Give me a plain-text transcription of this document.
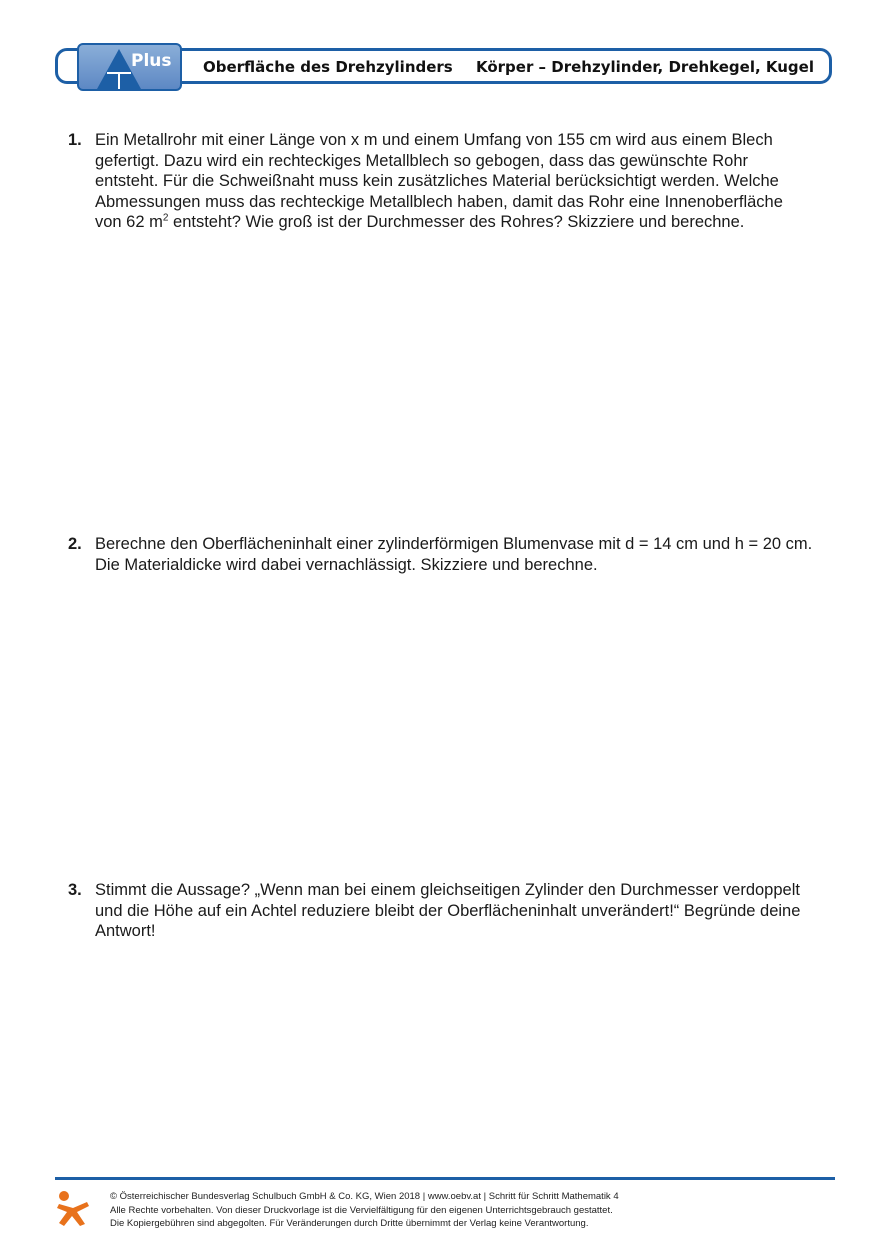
Plus Oberfläche des Drehzylinders Körper – Drehzylinder, Drehkegel, Kugel
1. Ein Metallrohr mit einer Länge von x m und einem Umfang von 155 cm wird aus einem Blech gefertigt. Dazu wird ein rechteckiges Metallblech so gebogen, dass das gewünschte Rohr entsteht. Für die Schweißnaht muss kein zusätzliches Material berücksichtigt werden. Welche Abmessungen muss das rechteckige Metallblech haben, damit das Rohr eine Innenoberfläche von 62 $m^2$ entsteht? Wie groß ist der Durchmesser des Rohres? Skizziere und berechne.
2. Berechne den Oberflächeninhalt einer zylinderförmigen Blumenvase mit d = 14 cm und h = 20 cm. Die Materialdicke wird dabei vernachlässigt. Skizziere und berechne.
3. Stimmt die Aussage? „Wenn man bei einem gleichseitigen Zylinder den Durchmesser verdoppelt und die Höhe auf ein Achtel reduziere bleibt der Oberflächeninhalt unverändert!“ Begründe deine Antwort!
© Österreichischer Bundesverlag Schulbuch GmbH & Co. KG, Wien 2018 | www.oebv.at | Schritt für Schritt Mathematik 4
Alle Rechte vorbehalten. Von dieser Druckvorlage ist die Vervielfältigung für den eigenen Unterrichtsgebrauch gestattet.
Die Kopiergebühren sind abgegolten. Für Veränderungen durch Dritte übernimmt der Verlag keine Verantwortung.
